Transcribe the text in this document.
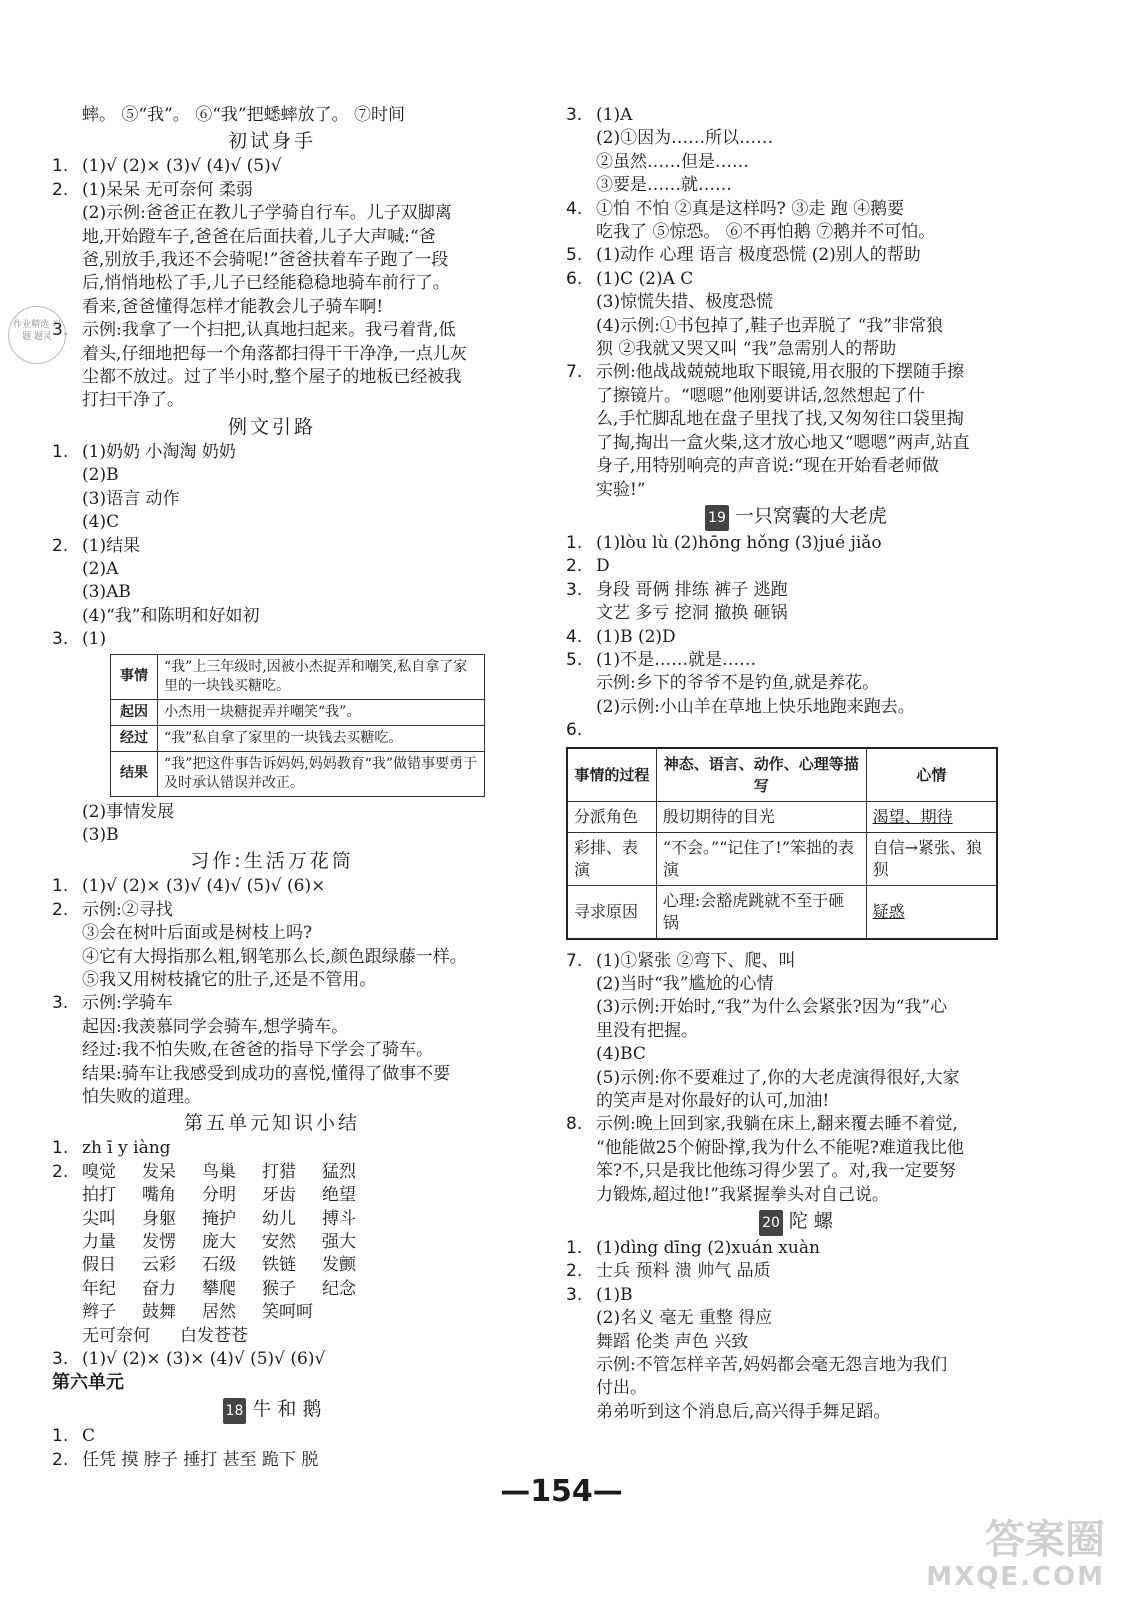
蟀。 ⑤“我”。 ⑥“我”把蟋蟀放了。 ⑦时间
初试身手
1. (1)√ (2)× (3)√ (4)√ (5)√
2. (1)呆呆 无可奈何 柔弱
(2)示例:爸爸正在教儿子学骑自行车。儿子双脚离
地,开始蹬车子,爸爸在后面扶着,儿子大声喊:“爸
爸,别放手,我还不会骑呢!”爸爸扶着车子跑了一段
后,悄悄地松了手,儿子已经能稳稳地骑车前行了。
看来,爸爸懂得怎样才能教会儿子骑车啊!
3. 示例:我拿了一个扫把,认真地扫起来。我弓着背,低
着头,仔细地把每一个角落都扫得干干净净,一点儿灰
尘都不放过。过了半小时,整个屋子的地板已经被我
打扫干净了。
例文引路
1. (1)奶奶 小淘淘 奶奶
(2)B
(3)语言 动作
(4)C
2. (1)结果
(2)A
(3)AB
(4)“我”和陈明和好如初
3. (1)
事情	“我”上三年级时,因被小杰捉弄和嘲笑,私自拿了家里的一块钱买糖吃。
起因	小杰用一块糖捉弄并嘲笑“我”。
经过	“我”私自拿了家里的一块钱去买糖吃。
结果	“我”把这件事告诉妈妈,妈妈教育“我”做错事要勇于及时承认错误并改正。
(2)事情发展
(3)B
习作:生活万花筒
1. (1)√ (2)× (3)√ (4)√ (5)√ (6)×
2. 示例:②寻找
③会在树叶后面或是树枝上吗?
④它有大拇指那么粗,钢笔那么长,颜色跟绿藤一样。
⑤我又用树枝撬它的肚子,还是不管用。
3. 示例:学骑车
起因:我羡慕同学会骑车,想学骑车。
经过:我不怕失败,在爸爸的指导下学会了骑车。
结果:骑车让我感受到成功的喜悦,懂得了做事不要
怕失败的道理。
第五单元知识小结
1. zh ī y iàng
2. 嗅觉 发呆 鸟巢 打猎 猛烈
拍打 嘴角 分明 牙齿 绝望
尖叫 身躯 掩护 幼儿 搏斗
力量 发愣 庞大 安然 强大
假日 云彩 石级 铁链 发颤
年纪 奋力 攀爬 猴子 纪念
辫子 鼓舞 居然 笑呵呵
无可奈何 白发苍苍
3. (1)√ (2)× (3)× (4)√ (5)√ (6)√
第六单元
18 牛 和 鹅
1. C
2. 任凭 摸 脖子 捶打 甚至 跪下 脱
作业精选 习题 题灵
3. (1)A
(2)①因为……所以……
②虽然……但是……
③要是……就……
4. ①怕 不怕 ②真是这样吗? ③走 跑 ④鹅要
吃我了 ⑤惊恐。 ⑥不再怕鹅 ⑦鹅并不可怕。
5. (1)动作 心理 语言 极度恐慌 (2)别人的帮助
6. (1)C (2)A C
(3)惊慌失措、极度恐慌
(4)示例:①书包掉了,鞋子也弄脱了 “我”非常狼
狈 ②我就又哭又叫 “我”急需别人的帮助
7. 示例:他战战兢兢地取下眼镜,用衣服的下摆随手擦
了擦镜片。“嗯嗯”他刚要讲话,忽然想起了什
么,手忙脚乱地在盘子里找了找,又匆匆往口袋里掏
了掏,掏出一盒火柴,这才放心地又“嗯嗯”两声,站直
身子,用特别响亮的声音说:“现在开始看老师做
实验!”
19 一只窝囊的大老虎
1. (1)lòu lù (2)hōng hǒng (3)jué jiǎo
2. D
3. 身段 哥俩 排练 裤子 逃跑
文艺 多亏 挖洞 撤换 砸锅
4. (1)B (2)D
5. (1)不是……就是……
示例:乡下的爷爷不是钓鱼,就是养花。
(2)示例:小山羊在草地上快乐地跑来跑去。
6.
事情的过程	神态、语言、动作、心理等描写	心情
分派角色	殷切期待的目光	渴望、期待
彩排、表演	“不会。”“记住了!”笨拙的表演	自信→紧张、狼狈
寻求原因	心理:会豁虎跳就不至于砸锅	疑惑
7. (1)①紧张 ②弯下、爬、叫
(2)当时“我”尴尬的心情
(3)示例:开始时,“我”为什么会紧张?因为“我”心
里没有把握。
(4)BC
(5)示例:你不要难过了,你的大老虎演得很好,大家
的笑声是对你最好的认可,加油!
8. 示例:晚上回到家,我躺在床上,翻来覆去睡不着觉,
“他能做25个俯卧撑,我为什么不能呢?难道我比他
笨?不,只是我比他练习得少罢了。对,我一定要努
力锻炼,超过他!”我紧握拳头对自己说。
20 陀 螺
1. (1)dìng dīng (2)xuán xuàn
2. 士兵 预料 溃 帅气 品质
3. (1)B
(2)名义 毫无 重整 得应
舞蹈 伦类 声色 兴致
示例:不管怎样辛苦,妈妈都会毫无怨言地为我们
付出。
弟弟听到这个消息后,高兴得手舞足蹈。
—154—
答案圈
MXQE.COM
